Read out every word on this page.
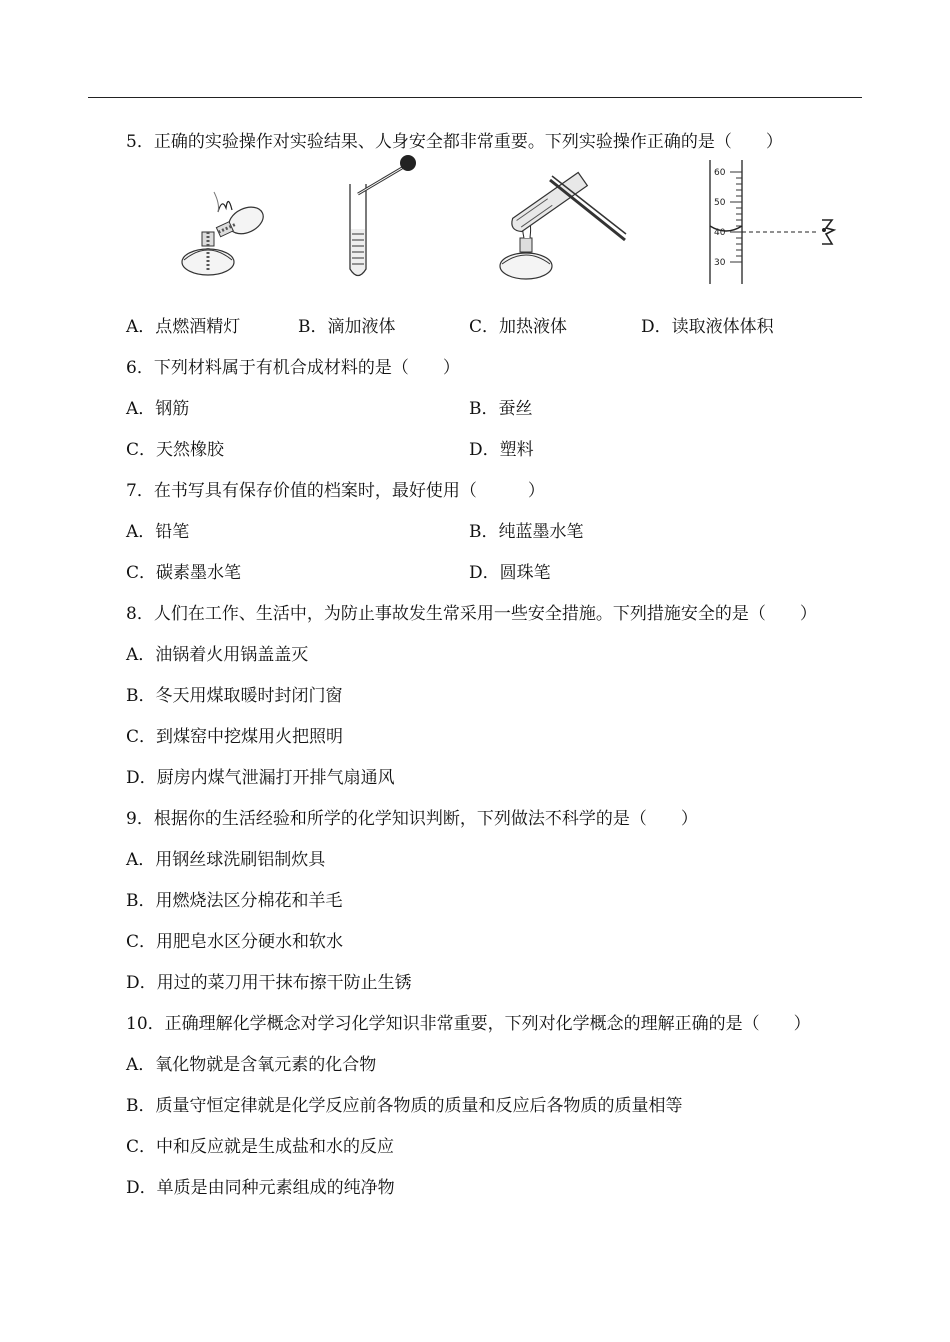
5．正确的实验操作对实验结果、人身安全都非常重要。下列实验操作正确的是（　　）
60
50
40
30
A．点燃酒精灯	B．滴加液体	C．加热液体	D．读取液体体积
6．下列材料属于有机合成材料的是（　　）
A．钢筋	B．蚕丝
C．天然橡胶	D．塑料
7．在书写具有保存价值的档案时，最好使用（　　　）
A．铅笔	B．纯蓝墨水笔
C．碳素墨水笔	D．圆珠笔
8．人们在工作、生活中，为防止事故发生常采用一些安全措施。下列措施安全的是（　　）
A．油锅着火用锅盖盖灭
B．冬天用煤取暖时封闭门窗
C．到煤窑中挖煤用火把照明
D．厨房内煤气泄漏打开排气扇通风
9．根据你的生活经验和所学的化学知识判断，下列做法不科学的是（　　）
A．用钢丝球洗刷铝制炊具
B．用燃烧法区分棉花和羊毛
C．用肥皂水区分硬水和软水
D．用过的菜刀用干抹布擦干防止生锈
10．正确理解化学概念对学习化学知识非常重要，下列对化学概念的理解正确的是（　　）
A．氧化物就是含氧元素的化合物
B．质量守恒定律就是化学反应前各物质的质量和反应后各物质的质量相等
C．中和反应就是生成盐和水的反应
D．单质是由同种元素组成的纯净物
